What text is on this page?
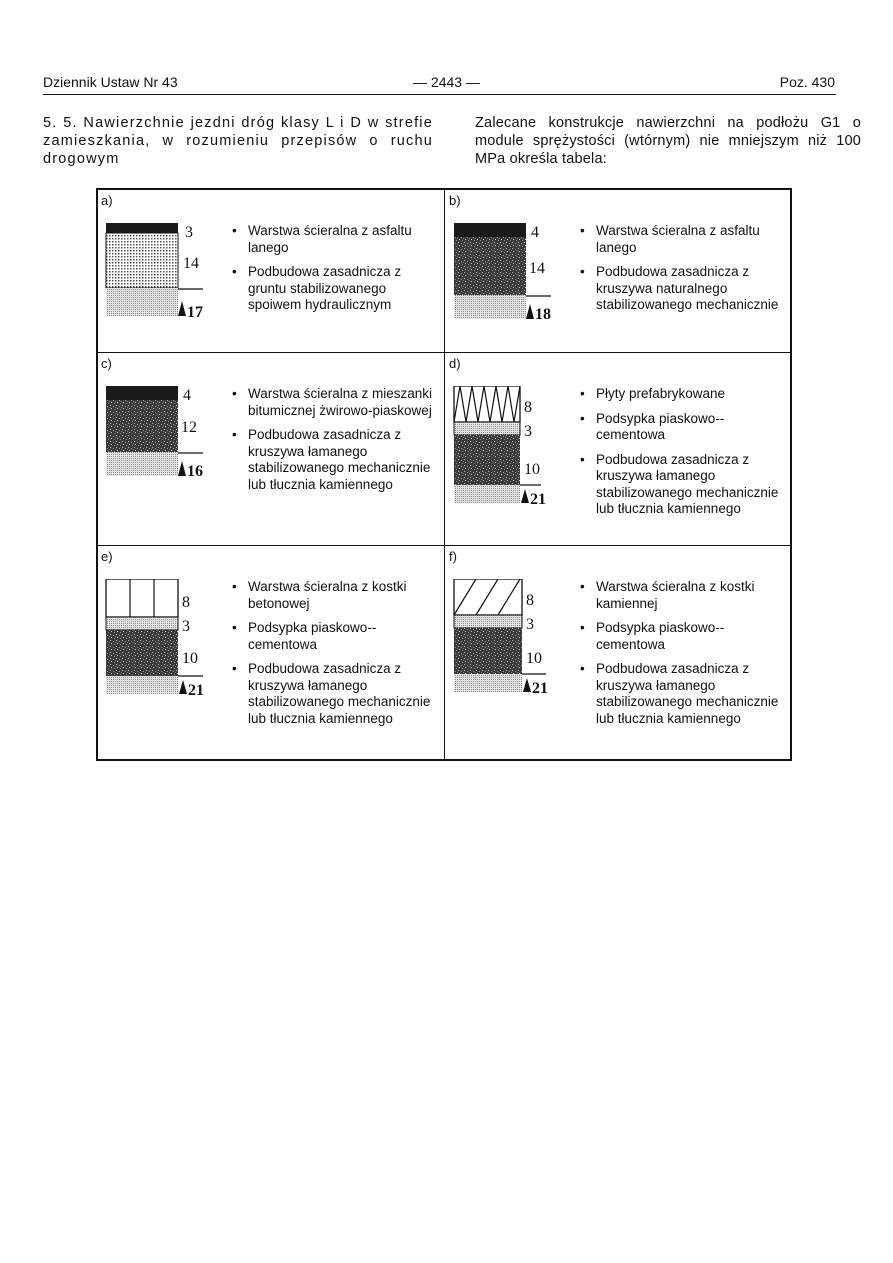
Dziennik Ustaw Nr 43	— 2443 —	Poz. 430
5. 5. Nawierzchnie jezdni dróg klasy L i D w strefie zamieszkania, w rozumieniu przepisów o ruchu drogowym
Zalecane konstrukcje nawierzchni na podłożu G1 o module sprężystości (wtórnym) nie mniejszym niż 100 MPa określa tabela:
a)
3
14
17
• Warstwa ścieralna z asfaltu lanego
• Podbudowa zasadnicza z gruntu stabilizowanego spoiwem hydraulicznym
b)
4
14
18
• Warstwa ścieralna z asfaltu lanego
• Podbudowa zasadnicza z kruszywa naturalnego stabilizowanego mechanicznie
c)
4
12
16
• Warstwa ścieralna z mieszanki bitumicznej żwirowo-piaskowej
• Podbudowa zasadnicza z kruszywa łamanego stabilizowanego mechanicznie lub tłucznia kamiennego
d)
8
3
10
21
• Płyty prefabrykowane
• Podsypka piaskowo--cementowa
• Podbudowa zasadnicza z kruszywa łamanego stabilizowanego mechanicznie lub tłucznia kamiennego
e)
8
3
10
21
• Warstwa ścieralna z kostki betonowej
• Podsypka piaskowo--cementowa
• Podbudowa zasadnicza z kruszywa łamanego stabilizowanego mechanicznie lub tłucznia kamiennego
f)
8
3
10
21
• Warstwa ścieralna z kostki kamiennej
• Podsypka piaskowo--cementowa
• Podbudowa zasadnicza z kruszywa łamanego stabilizowanego mechanicznie lub tłucznia kamiennego
